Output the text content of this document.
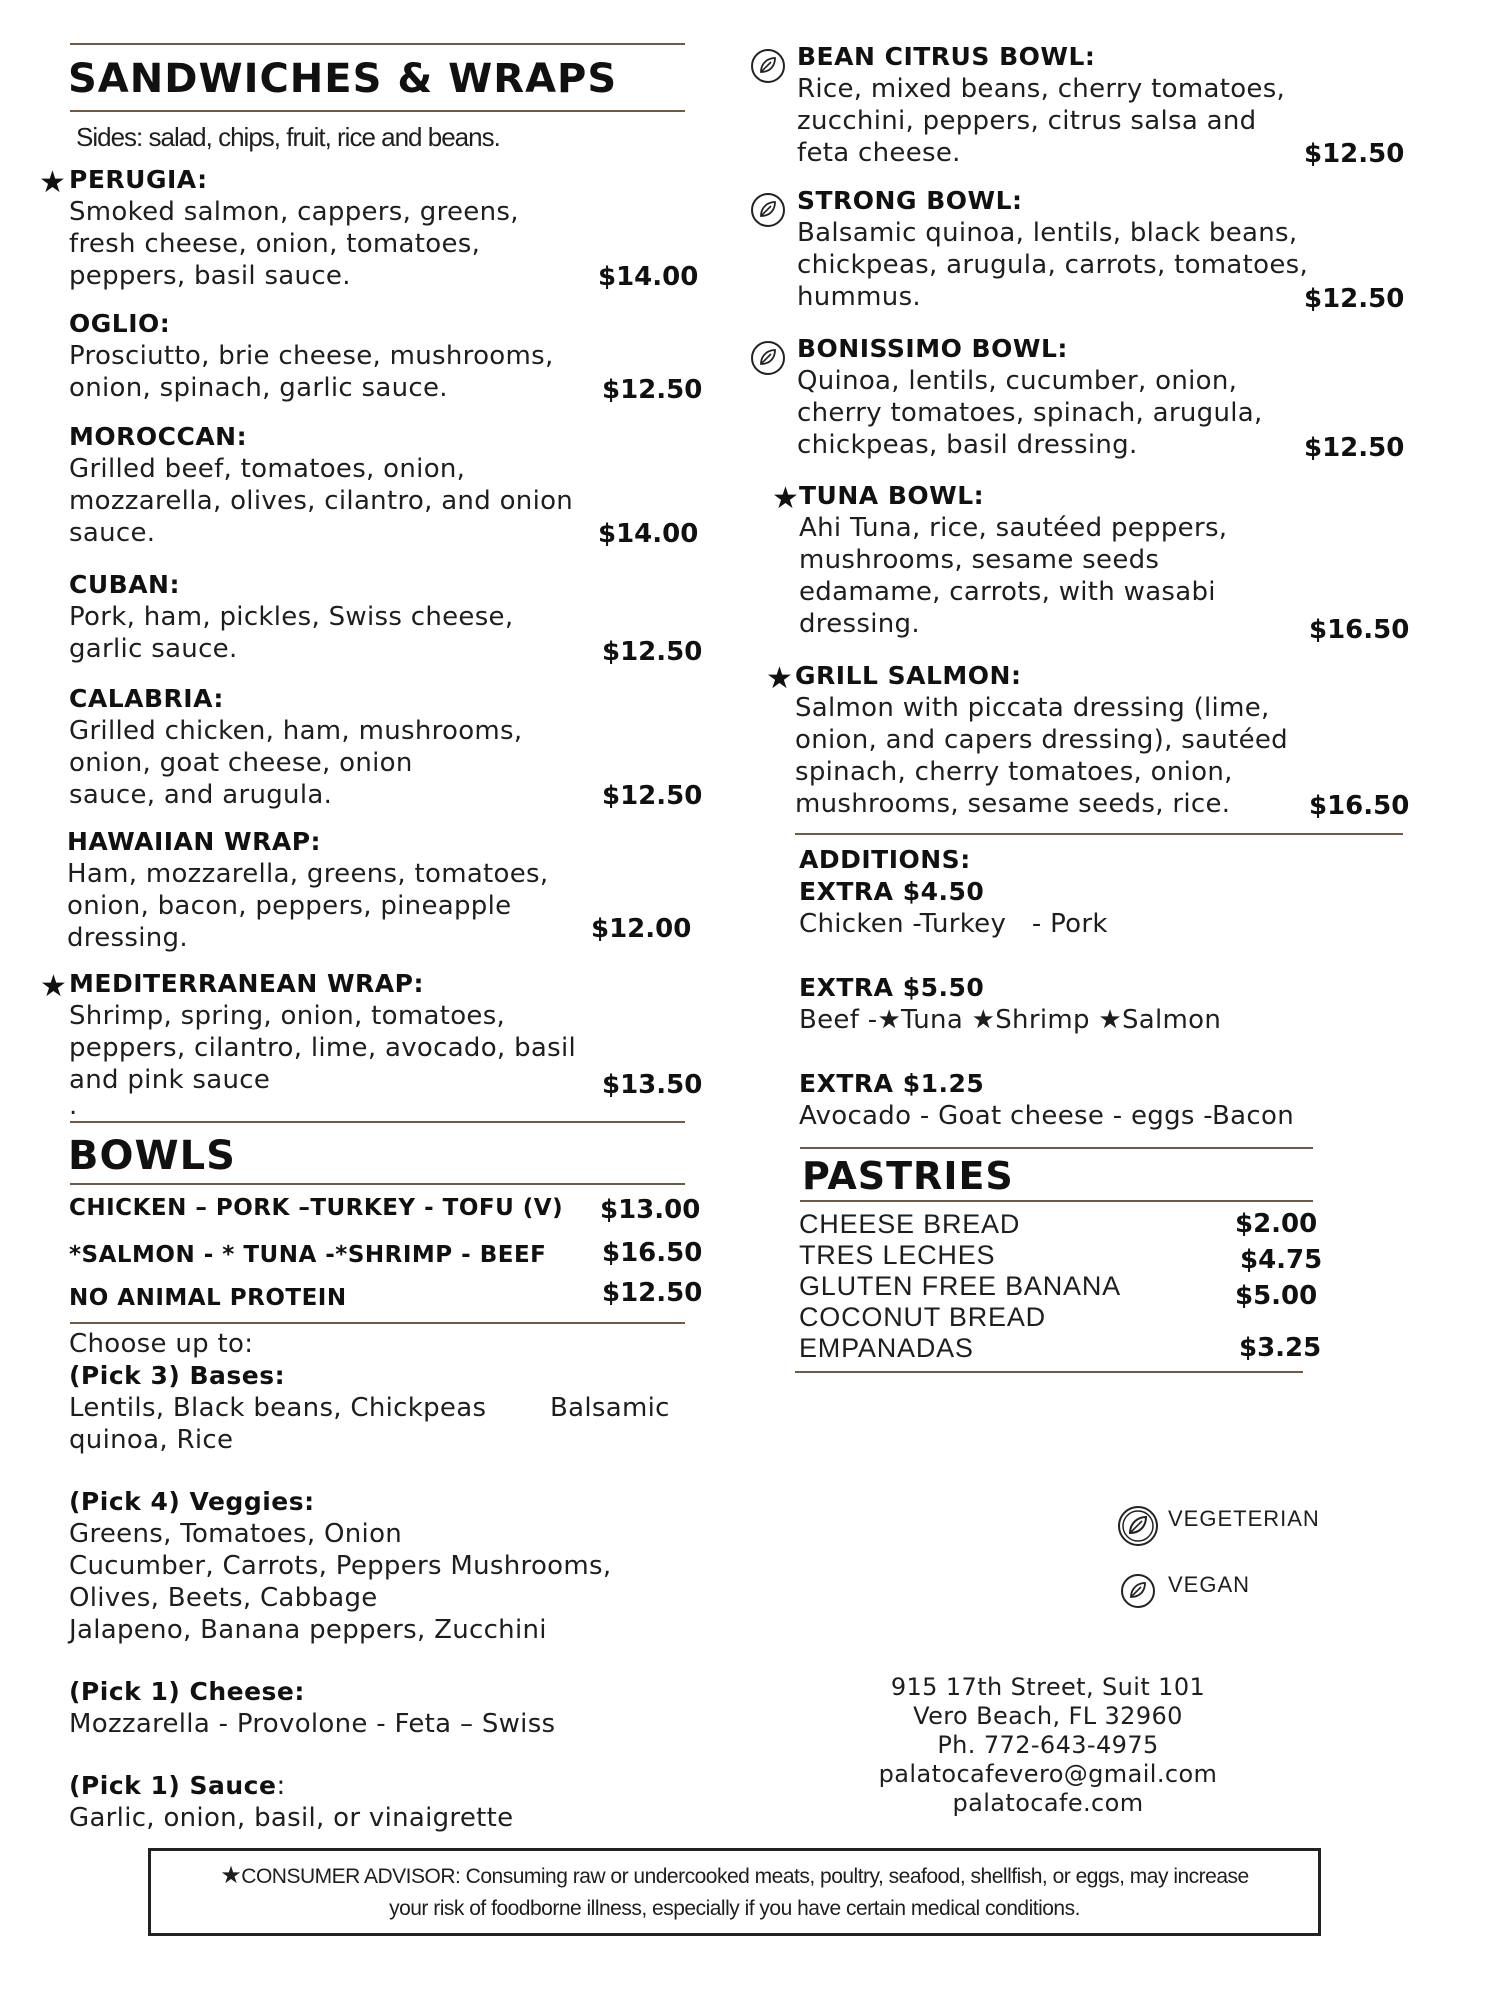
SANDWICHES & WRAPS
Sides: salad, chips, fruit, rice and beans.
★ PERUGIA:
Smoked salmon, cappers, greens,
fresh cheese, onion, tomatoes,
peppers, basil sauce.	$14.00
OGLIO:
Prosciutto, brie cheese, mushrooms,
onion, spinach, garlic sauce.	$12.50
MOROCCAN:
Grilled beef, tomatoes, onion,
mozzarella, olives, cilantro, and onion
sauce.	$14.00
CUBAN:
Pork, ham, pickles, Swiss cheese,
garlic sauce.	$12.50
CALABRIA:
Grilled chicken, ham, mushrooms,
onion, goat cheese, onion
sauce, and arugula.	$12.50
HAWAIIAN WRAP:
Ham, mozzarella, greens, tomatoes,
onion, bacon, peppers, pineapple
dressing.	$12.00
★ MEDITERRANEAN WRAP:
Shrimp, spring, onion, tomatoes,
peppers, cilantro, lime, avocado, basil
and pink sauce
.
$13.50
BOWLS
CHICKEN – PORK –TURKEY - TOFU (V) $13.00
*SALMON - * TUNA -*SHRIMP - BEEF $16.50
NO ANIMAL PROTEIN	$12.50
Choose up to:
(Pick 3) Bases:
Lentils, Black beans, Chickpeas Balsamic
quinoa, Rice
(Pick 4) Veggies:
Greens, Tomatoes, Onion
Cucumber, Carrots, Peppers Mushrooms,
Olives, Beets, Cabbage
Jalapeno, Banana peppers, Zucchini
(Pick 1) Cheese:
Mozzarella - Provolone - Feta – Swiss
(Pick 1) Sauce:
Garlic, onion, basil, or vinaigrette
BEAN CITRUS BOWL:
Rice, mixed beans, cherry tomatoes,
zucchini, peppers, citrus salsa and
feta cheese.	$12.50
STRONG BOWL:
Balsamic quinoa, lentils, black beans,
chickpeas, arugula, carrots, tomatoes,
hummus.	$12.50
BONISSIMO BOWL:
Quinoa, lentils, cucumber, onion,
cherry tomatoes, spinach, arugula,
chickpeas, basil dressing.	$12.50
★ TUNA BOWL:
Ahi Tuna, rice, sautéed peppers,
mushrooms, sesame seeds
edamame, carrots, with wasabi
dressing.	$16.50
★ GRILL SALMON:
Salmon with piccata dressing (lime,
onion, and capers dressing), sautéed
spinach, cherry tomatoes, onion,
mushrooms, sesame seeds, rice.	$16.50
ADDITIONS:
EXTRA $4.50
Chicken -Turkey   - Pork
EXTRA $5.50
Beef -★Tuna ★Shrimp ★Salmon
EXTRA $1.25
Avocado - Goat cheese - eggs -Bacon
PASTRIES
CHEESE BREAD	$2.00
TRES LECHES	$4.75
GLUTEN FREE BANANA	$5.00
COCONUT BREAD
EMPANADAS	$3.25
VEGETERIAN
VEGAN
915 17th Street, Suit 101
Vero Beach, FL 32960
Ph. 772-643-4975
palatocafevero@gmail.com
palatocafe.com
★CONSUMER ADVISOR: Consuming raw or undercooked meats, poultry, seafood, shellfish, or eggs, may increase
your risk of foodborne illness, especially if you have certain medical conditions.
